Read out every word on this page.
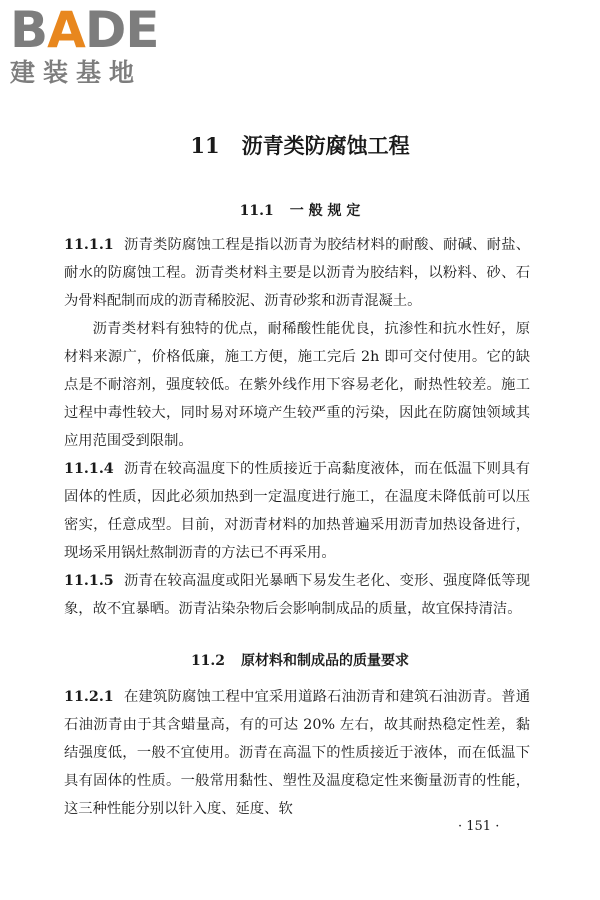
BADE
建装基地
11 沥青类防腐蚀工程
11.1 一 般 规 定

11.1.1 沥青类防腐蚀工程是指以沥青为胶结材料的耐酸、耐碱、耐盐、耐水的防腐蚀工程。沥青类材料主要是以沥青为胶结料，以粉料、砂、石为骨料配制而成的沥青稀胶泥、沥青砂浆和沥青混凝土。

沥青类材料有独特的优点，耐稀酸性能优良，抗渗性和抗水性好，原材料来源广，价格低廉，施工方便，施工完后 2h 即可交付使用。它的缺点是不耐溶剂，强度较低。在紫外线作用下容易老化，耐热性较差。施工过程中毒性较大，同时易对环境产生较严重的污染，因此在防腐蚀领域其应用范围受到限制。

11.1.4 沥青在较高温度下的性质接近于高黏度液体，而在低温下则具有固体的性质，因此必须加热到一定温度进行施工，在温度未降低前可以压密实，任意成型。目前，对沥青材料的加热普遍采用沥青加热设备进行，现场采用锅灶熬制沥青的方法已不再采用。

11.1.5 沥青在较高温度或阳光暴晒下易发生老化、变形、强度降低等现象，故不宜暴晒。沥青沾染杂物后会影响制成品的质量，故宜保持清洁。

11.2 原材料和制成品的质量要求

11.2.1 在建筑防腐蚀工程中宜采用道路石油沥青和建筑石油沥青。普通石油沥青由于其含蜡量高，有的可达 20% 左右，故其耐热稳定性差，黏结强度低，一般不宜使用。沥青在高温下的性质接近于液体，而在低温下具有固体的性质。一般常用黏性、塑性及温度稳定性来衡量沥青的性能，这三种性能分别以针入度、延度、软

· 151 ·
